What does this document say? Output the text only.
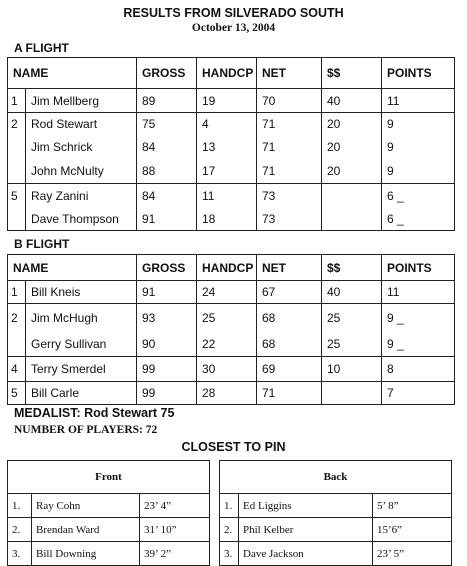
RESULTS FROM SILVERADO SOUTH
October 13, 2004
A FLIGHT
NAME		GROSS	HANDCP	NET	$$	POINTS
1	Jim Mellberg	89	19	70	40	11
2	Rod Stewart	75	4	71	20	9
	Jim Schrick	84	13	71	20	9
	John McNulty	88	17	71	20	9
5	Ray Zanini	84	11	73		6 _
	Dave Thompson	91	18	73		6 _
B FLIGHT
NAME		GROSS	HANDCP	NET	$$	POINTS
1	Bill Kneis	91	24	67	40	11
2	Jim McHugh	93	25	68	25	9 _
	Gerry Sullivan	90	22	68	25	9 _
4	Terry Smerdel	99	30	69	10	8
5	Bill Carle	99	28	71		7
MEDALIST: Rod Stewart 75
NUMBER OF PLAYERS: 72
CLOSEST TO PIN
Front		
1.	Ray Cohn	23’ 4”
2.	Brendan Ward	31’ 10”
3.	Bill Downing	39’ 2”
Back		
1.	Ed Liggins	5’ 8”
2.	Phil Kelber	15’6”
3.	Dave Jackson	23’ 5”
